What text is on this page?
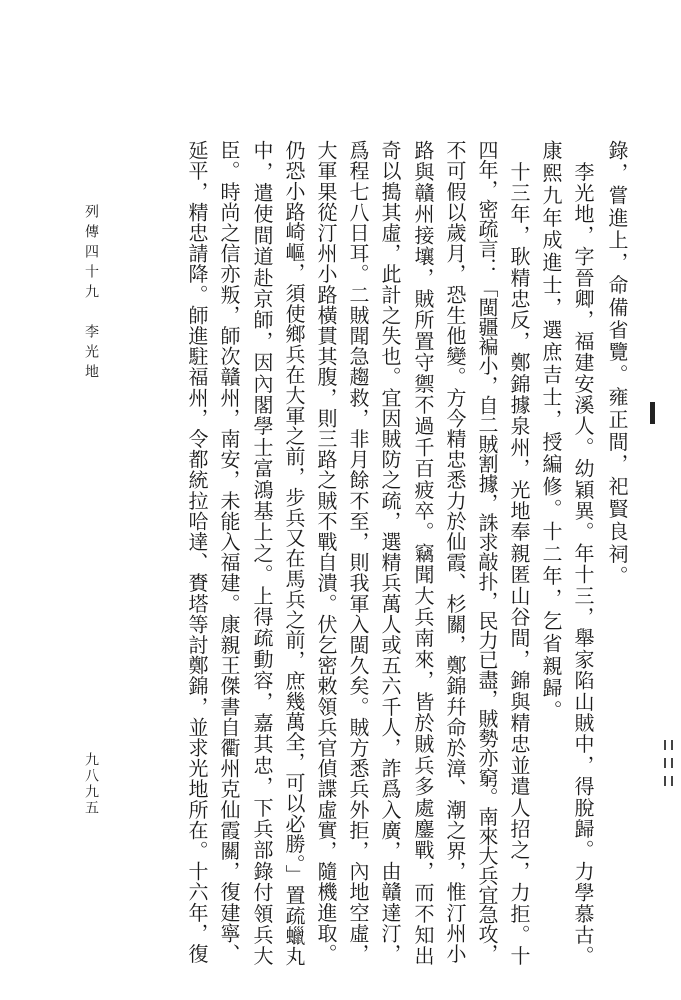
錄，嘗進上，命備省覽。雍正間，祀賢良祠。
　李光地，字晉卿，福建安溪人。幼穎異。年十三，舉家陷山賊中，得脫歸。力學慕古。
康熙九年成進士，選庶吉士，授編修。十二年，乞省親歸。
　十三年，耿精忠反，鄭錦據泉州，光地奉親匿山谷間，錦與精忠並遣人招之，力拒。十
四年，密疏言：「閩疆褊小，自二賊割據，誅求敲扑，民力已盡，賊勢亦窮。南來大兵宜急攻，
不可假以歲月，恐生他變。方今精忠悉力於仙霞、杉關，鄭錦幷命於漳、潮之界，惟汀州小
路與贛州接壤，賊所置守禦不過千百疲卒。竊聞大兵南來，皆於賊兵多處鏖戰，而不知出
奇以搗其虛，此計之失也。宜因賊防之疏，選精兵萬人或五六千人，詐爲入廣，由贛達汀，
爲程七八日耳。二賊聞急趨救，非月餘不至，則我軍入閩久矣。賊方悉兵外拒，內地空虛，
大軍果從汀州小路橫貫其腹，則三路之賊不戰自潰。伏乞密敕領兵官偵諜虛實，隨機進取。
仍恐小路崎嶇，須使鄉兵在大軍之前，步兵又在馬兵之前，庶幾萬全，可以必勝。」置疏蠟丸
中，遣使間道赴京師，因內閣學士富鴻基上之。上得疏動容，嘉其忠，下兵部錄付領兵大
臣。時尚之信亦叛，師次贛州，南安，未能入福建。康親王傑書自衢州克仙霞關，復建寧、
延平，精忠請降。師進駐福州，令都統拉哈達、賚塔等討鄭錦，並求光地所在。十六年，復
列傳四十九　李光地
九八九五
